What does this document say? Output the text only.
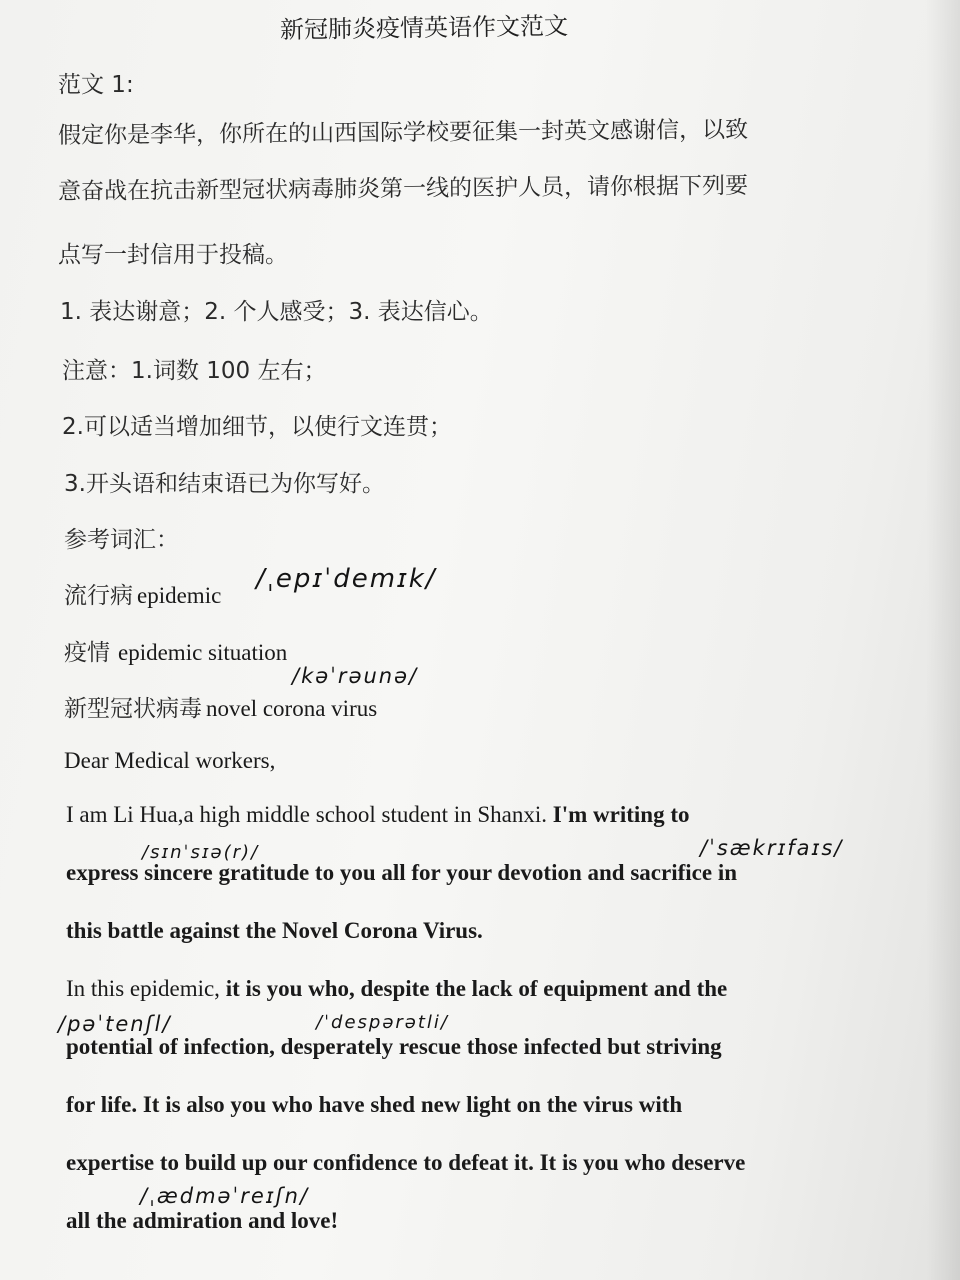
新冠肺炎疫情英语作文范文

范文 1:

假定你是李华，你所在的山西国际学校要征集一封英文感谢信，以致

意奋战在抗击新型冠状病毒肺炎第一线的医护人员，请你根据下列要

点写一封信用于投稿。

1. 表达谢意；2. 个人感受；3. 表达信心。

注意：1.词数 100 左右；

2.可以适当增加细节，以使行文连贯；

3.开头语和结束语已为你写好。

参考词汇：

流行病 epidemic

疫情 epidemic situation

新型冠状病毒 novel corona virus

Dear Medical workers,

I am Li Hua,a high middle school student in Shanxi. I'm writing to

express sincere gratitude to you all for your devotion and sacrifice in

this battle against the Novel Corona Virus.

In this epidemic, it is you who, despite the lack of equipment and the

potential of infection, desperately rescue those infected but striving

for life. It is also you who have shed new light on the virus with

expertise to build up our confidence to defeat it. It is you who deserve

all the admiration and love!

/ˌepɪˈdemɪk/

/kəˈrəunə/

/sɪnˈsɪə(r)/	/ˈsækrɪfaɪs/

/pəˈtenʃl/	/ˈdespərətli/

/ˌædməˈreɪʃn/
